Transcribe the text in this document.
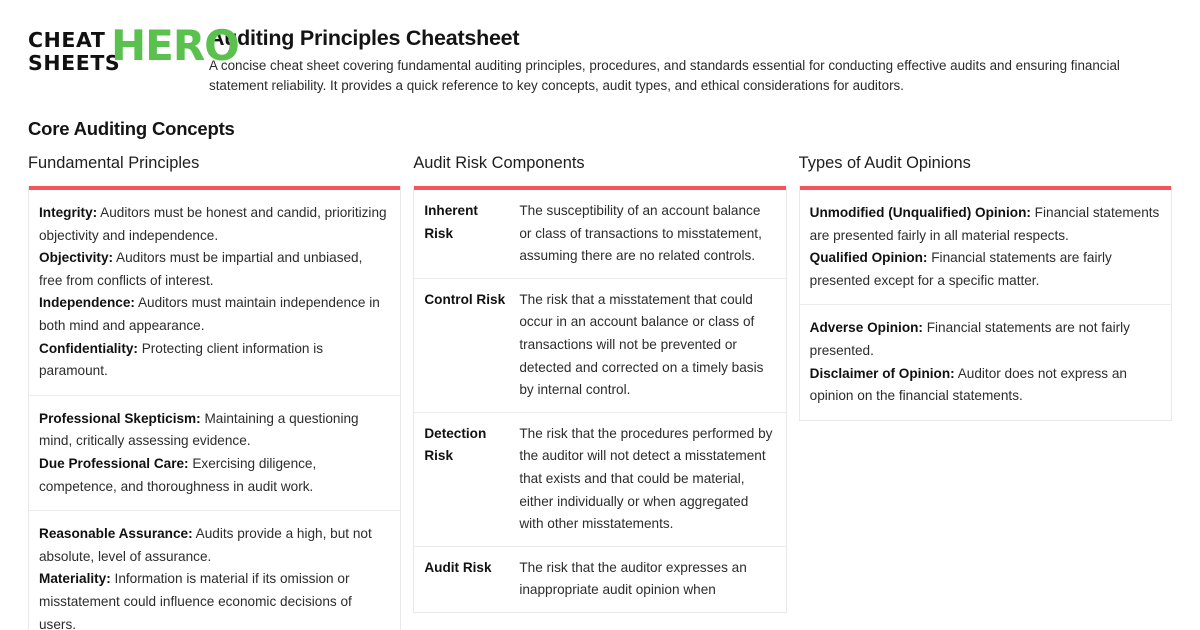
CHEAT
SHEETS
HERO
Auditing Principles Cheatsheet
A concise cheat sheet covering fundamental auditing principles, procedures, and standards essential for conducting effective audits and ensuring financial statement reliability. It provides a quick reference to key concepts, audit types, and ethical considerations for auditors.
Core Auditing Concepts
Fundamental Principles
Integrity: Auditors must be honest and candid, prioritizing objectivity and independence.
Objectivity: Auditors must be impartial and unbiased, free from conflicts of interest.
Independence: Auditors must maintain independence in both mind and appearance.
Confidentiality: Protecting client information is paramount.
Professional Skepticism: Maintaining a questioning mind, critically assessing evidence.
Due Professional Care: Exercising diligence, competence, and thoroughness in audit work.
Reasonable Assurance: Audits provide a high, but not absolute, level of assurance.
Materiality: Information is material if its omission or misstatement could influence economic decisions of users.
Audit Risk Components
Inherent Risk
The susceptibility of an account balance or class of transactions to misstatement, assuming there are no related controls.
Control Risk	The risk that a misstatement that could occur in an account balance or class of transactions will not be prevented or detected and corrected on a timely basis by internal control.
Detection Risk
The risk that the procedures performed by the auditor will not detect a misstatement that exists and that could be material, either individually or when aggregated with other misstatements.
Audit Risk	The risk that the auditor expresses an inappropriate audit opinion when
Types of Audit Opinions
Unmodified (Unqualified) Opinion: Financial statements are presented fairly in all material respects.
Qualified Opinion: Financial statements are fairly presented except for a specific matter.
Adverse Opinion: Financial statements are not fairly presented.
Disclaimer of Opinion: Auditor does not express an opinion on the financial statements.
